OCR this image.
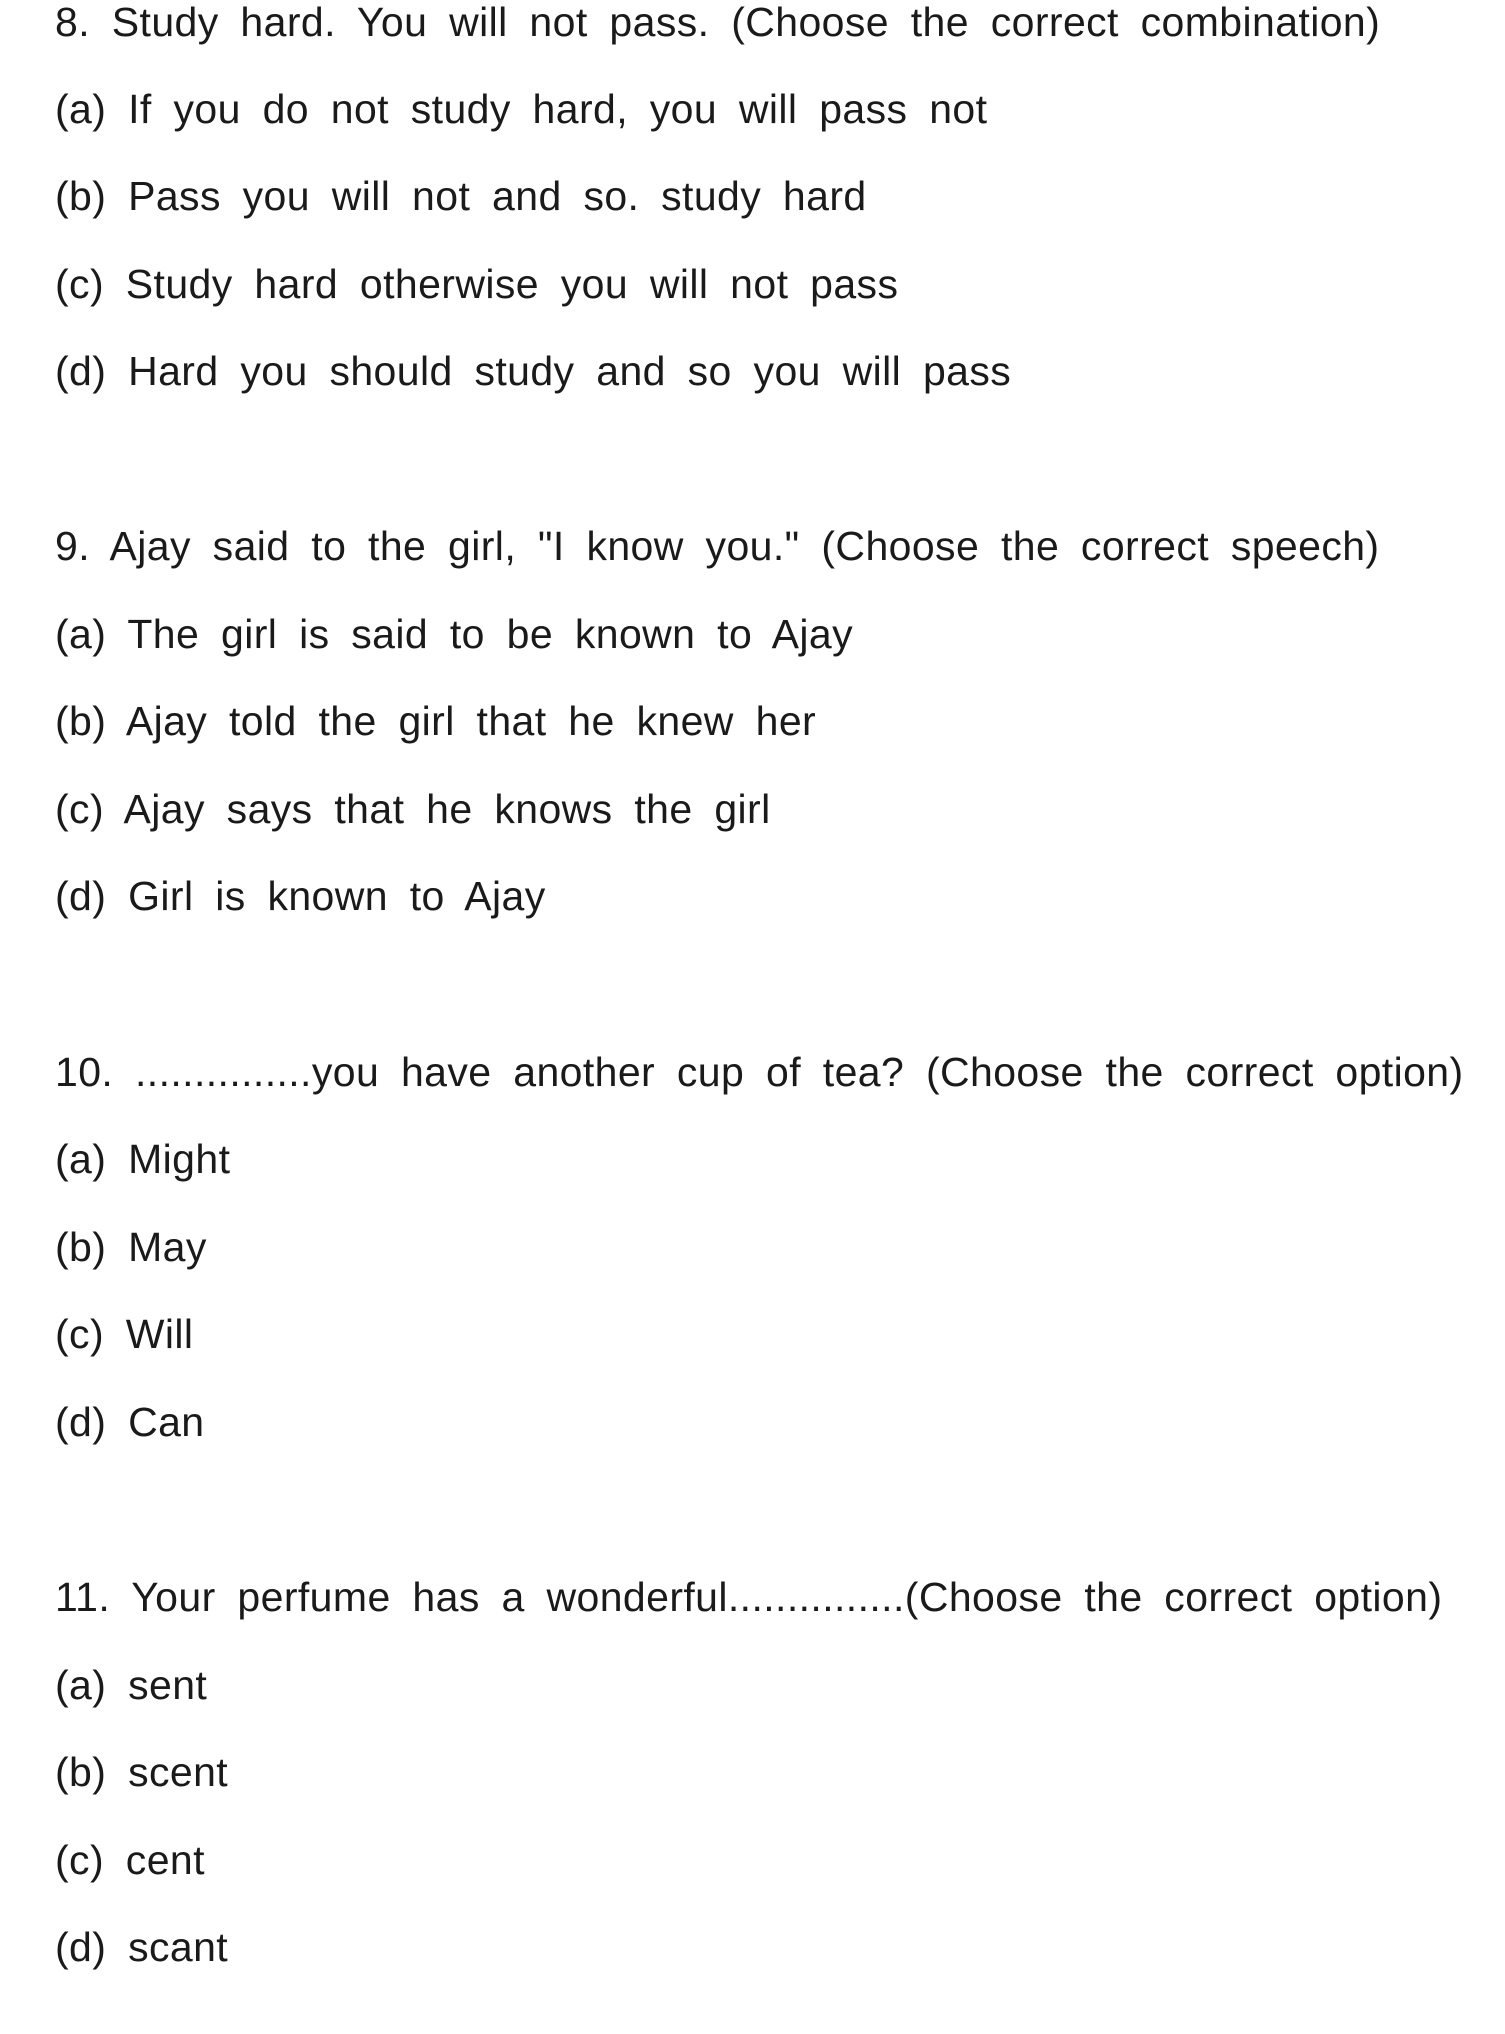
8. Study hard. You will not pass. (Choose the correct combination)

(a) If you do not study hard, you will pass not

(b) Pass you will not and so. study hard

(c) Study hard otherwise you will not pass

(d) Hard you should study and so you will pass

9. Ajay said to the girl, "I know you." (Choose the correct speech)

(a) The girl is said to be known to Ajay

(b) Ajay told the girl that he knew her

(c) Ajay says that he knows the girl

(d) Girl is known to Ajay

10. ...............you have another cup of tea? (Choose the correct option)

(a) Might

(b) May

(c) Will

(d) Can

11. Your perfume has a wonderful...............(Choose the correct option)

(a) sent

(b) scent

(c) cent

(d) scant
